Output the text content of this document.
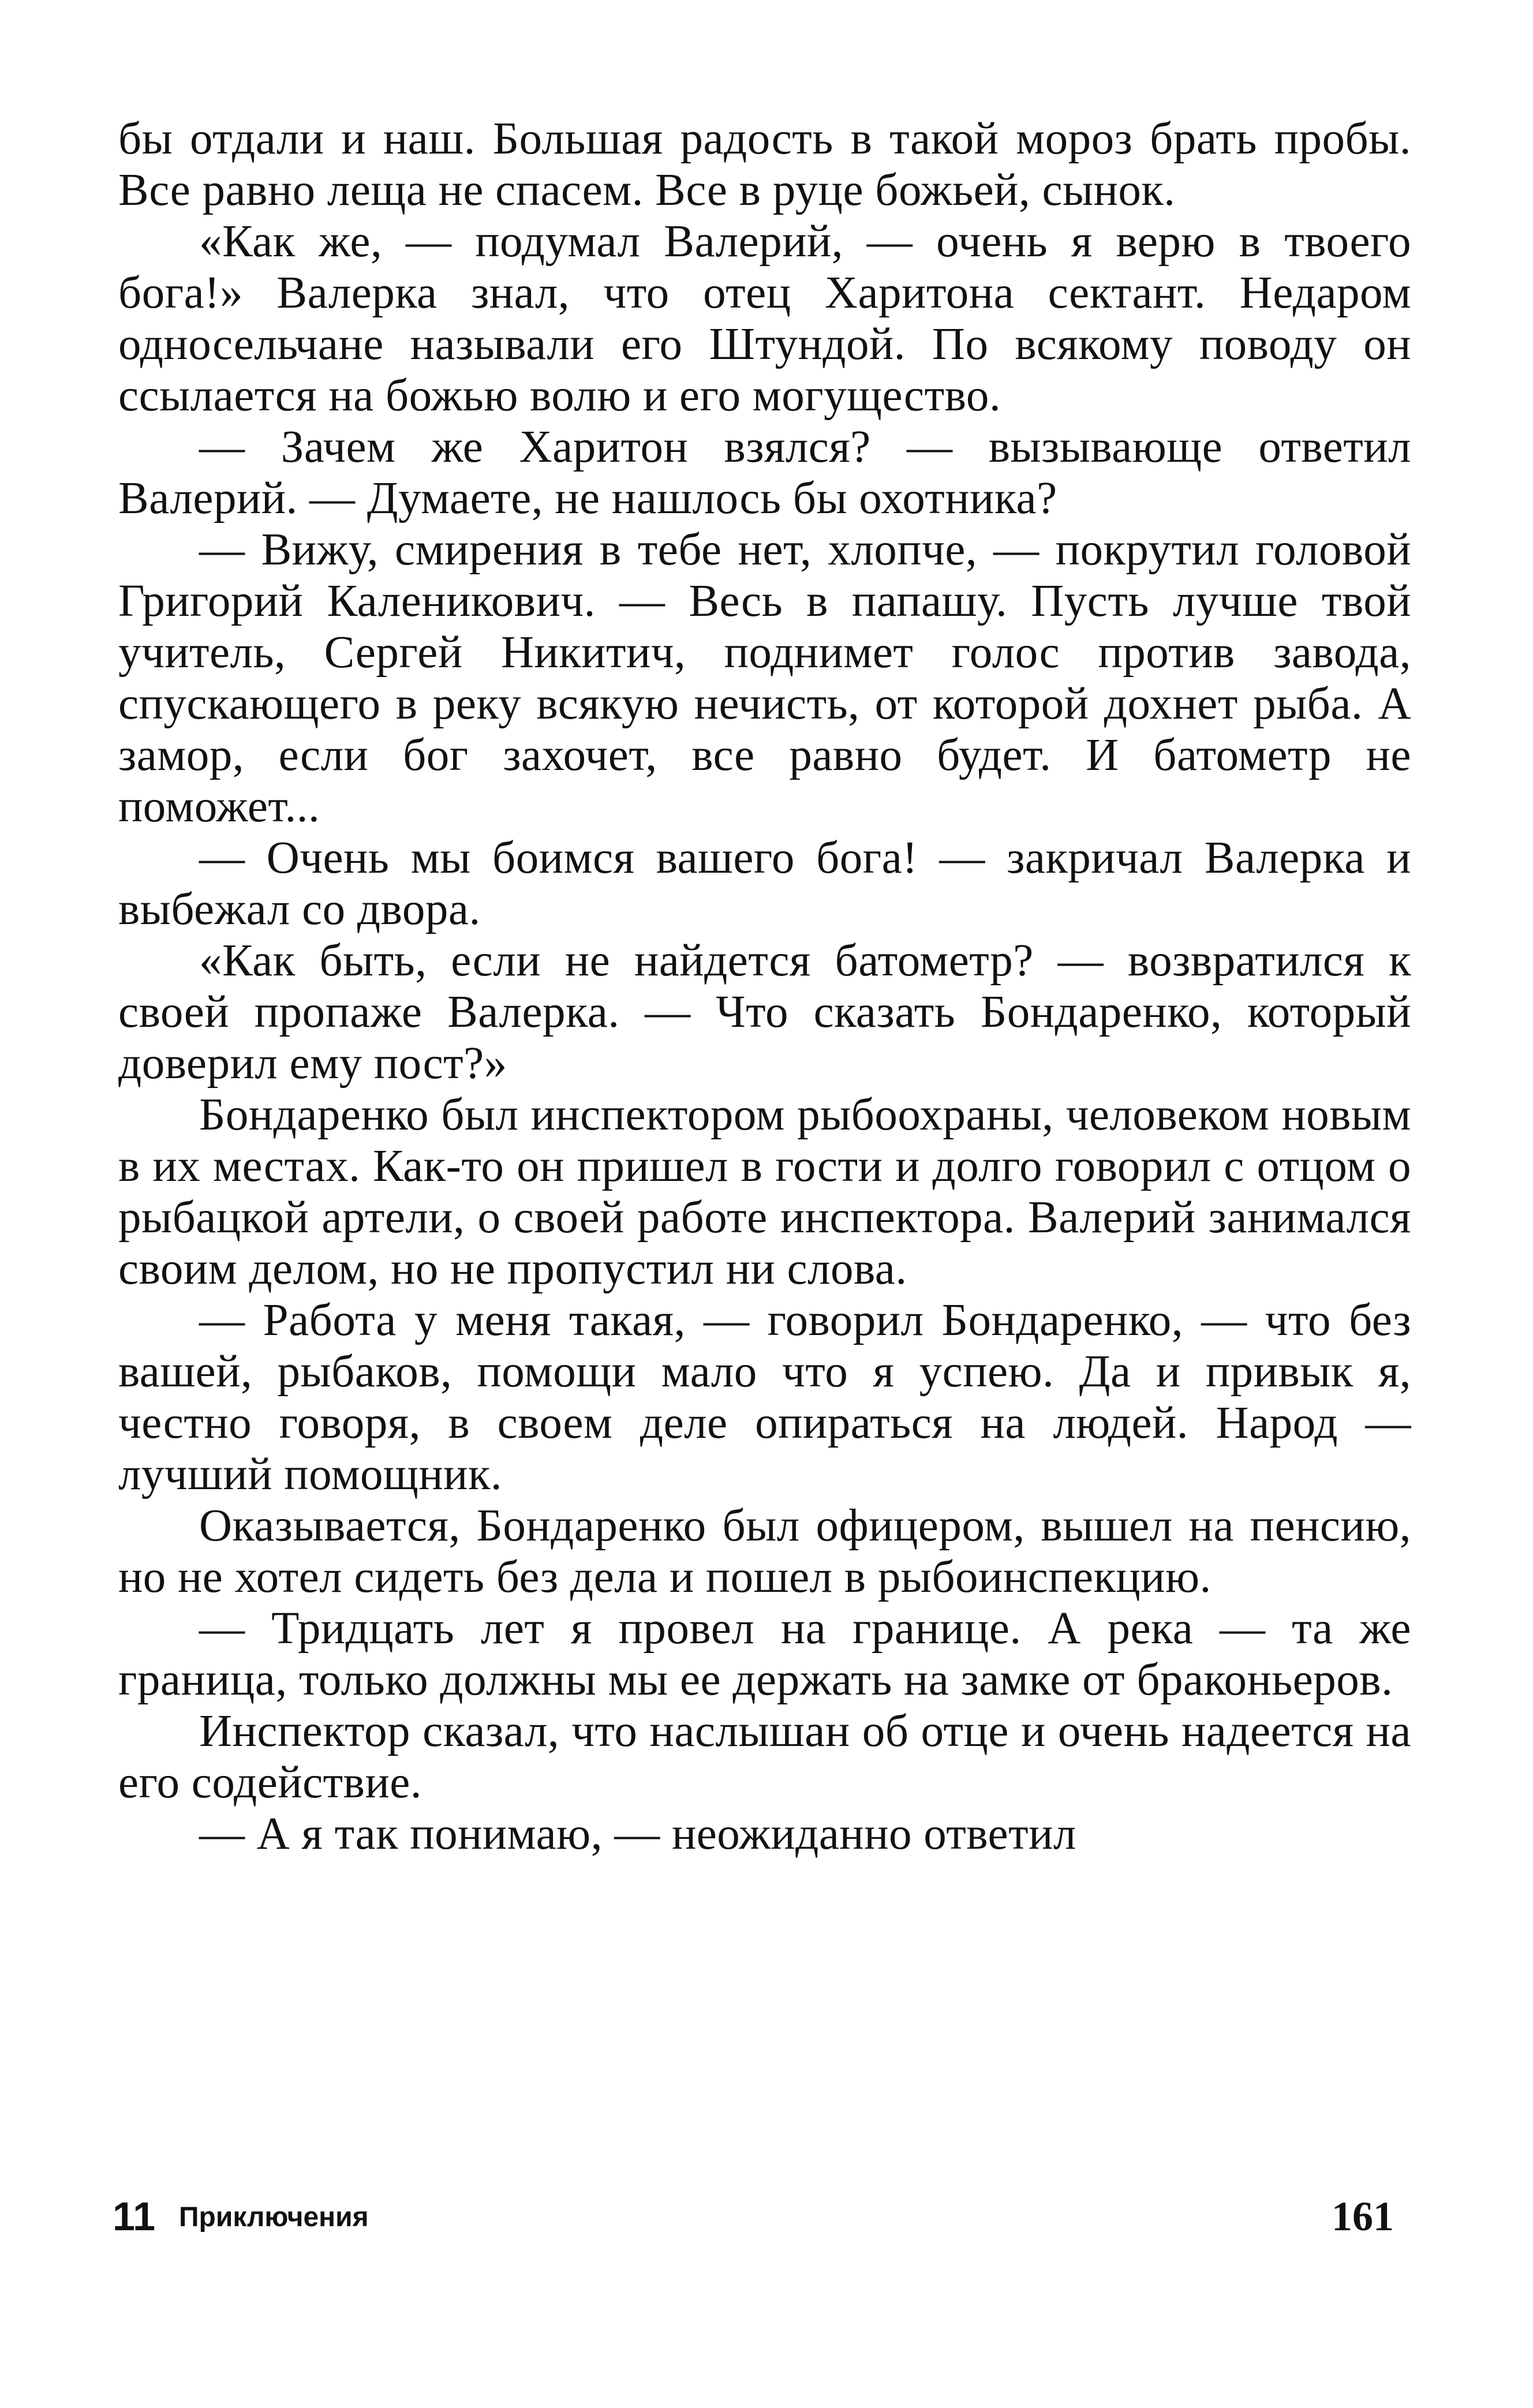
бы отдали и наш. Большая радость в такой мороз брать пробы. Все равно леща не спасем. Все в руце божьей, сынок.

«Как же, — подумал Валерий, — очень я верю в твоего бога!» Валерка знал, что отец Харитона сектант. Недаром односельчане называли его Штундой. По всякому поводу он ссылается на божью волю и его могущество.

— Зачем же Харитон взялся? — вызывающе ответил Валерий. — Думаете, не нашлось бы охотника?

— Вижу, смирения в тебе нет, хлопче, — покрутил головой Григорий Каленикович. — Весь в папашу. Пусть лучше твой учитель, Сергей Никитич, поднимет голос против завода, спускающего в реку всякую нечисть, от которой дохнет рыба. А замор, если бог захочет, все равно будет. И батометр не поможет...

— Очень мы боимся вашего бога! — закричал Валерка и выбежал со двора.

«Как быть, если не найдется батометр? — возвратился к своей пропаже Валерка. — Что сказать Бондаренко, который доверил ему пост?»

Бондаренко был инспектором рыбоохраны, человеком новым в их местах. Как-то он пришел в гости и долго говорил с отцом о рыбацкой артели, о своей работе инспектора. Валерий занимался своим делом, но не пропустил ни слова.

— Работа у меня такая, — говорил Бондаренко, — что без вашей, рыбаков, помощи мало что я успею. Да и привык я, честно говоря, в своем деле опираться на людей. Народ — лучший помощник.

Оказывается, Бондаренко был офицером, вышел на пенсию, но не хотел сидеть без дела и пошел в рыбоинспекцию.

— Тридцать лет я провел на границе. А река — та же граница, только должны мы ее держать на замке от браконьеров.

Инспектор сказал, что наслышан об отце и очень надеется на его содействие.

— А я так понимаю, — неожиданно ответил

11 Приключения	161
